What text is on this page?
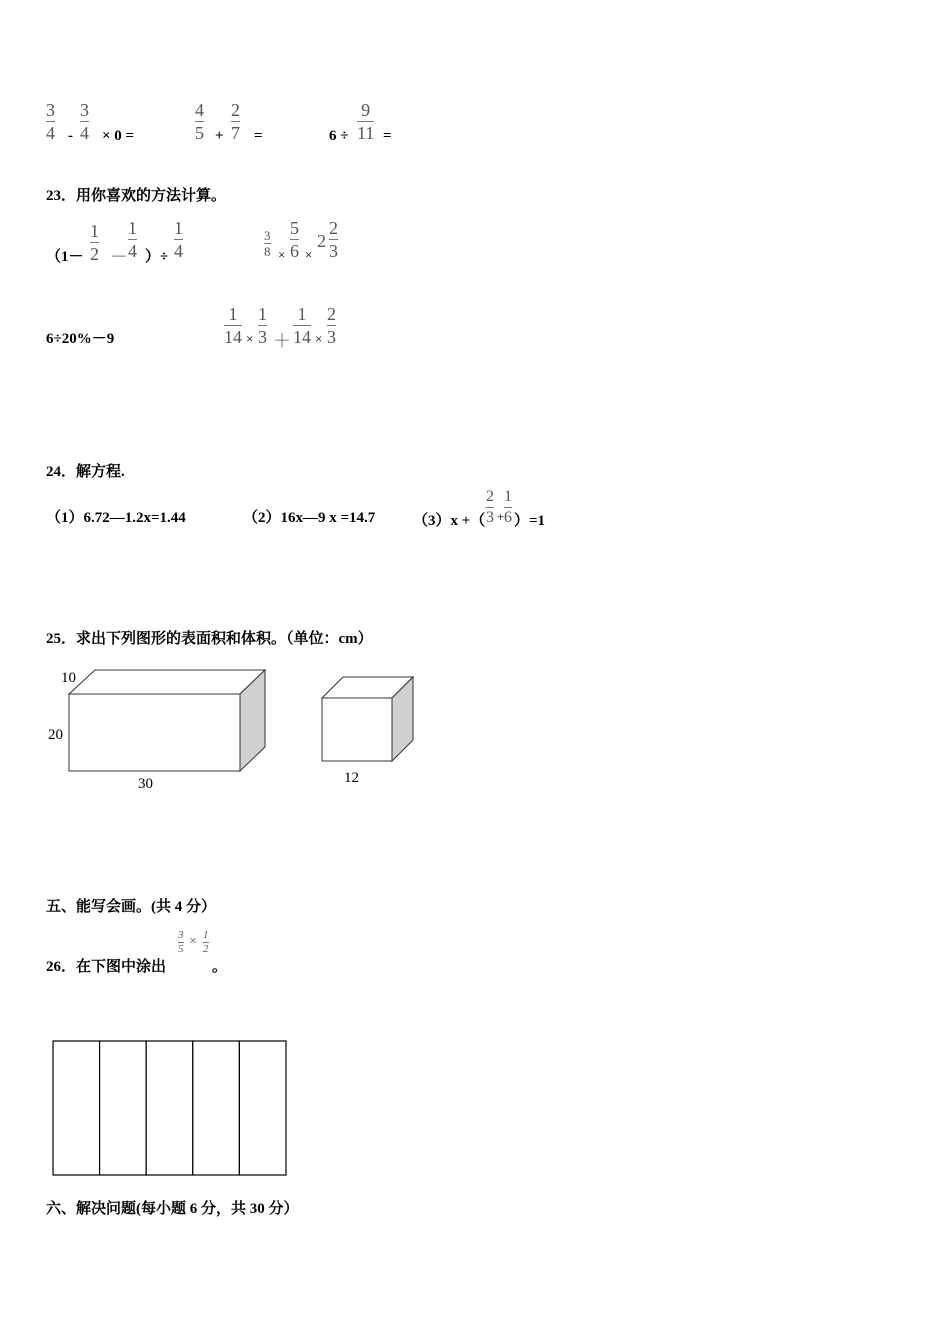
3
4 -
3
4 × 0 =
4
5 +
2
7 =	6 ÷
9
11 =
23．用你喜欢的方法计算。
（1－
1
2 －
1
4 ）÷
1
4
3
8 ×
5
6 ×
2
2
3
6÷20%－9
1
14 ×
1
3 ＋
1
14 ×
2
3
24．解方程.
（1）6.72—1.2x=1.44	（2）16x—9 x =14.7	（3）x +（
2
3 +
1
6 ）=1
25．求出下列图形的表面积和体积。（单位：cm）
10
20
30	12
五、能写会画。(共 4 分）
26．在下图中涂出
3
5 × 1
2
。
六、解决问题(每小题 6 分，共 30 分）
